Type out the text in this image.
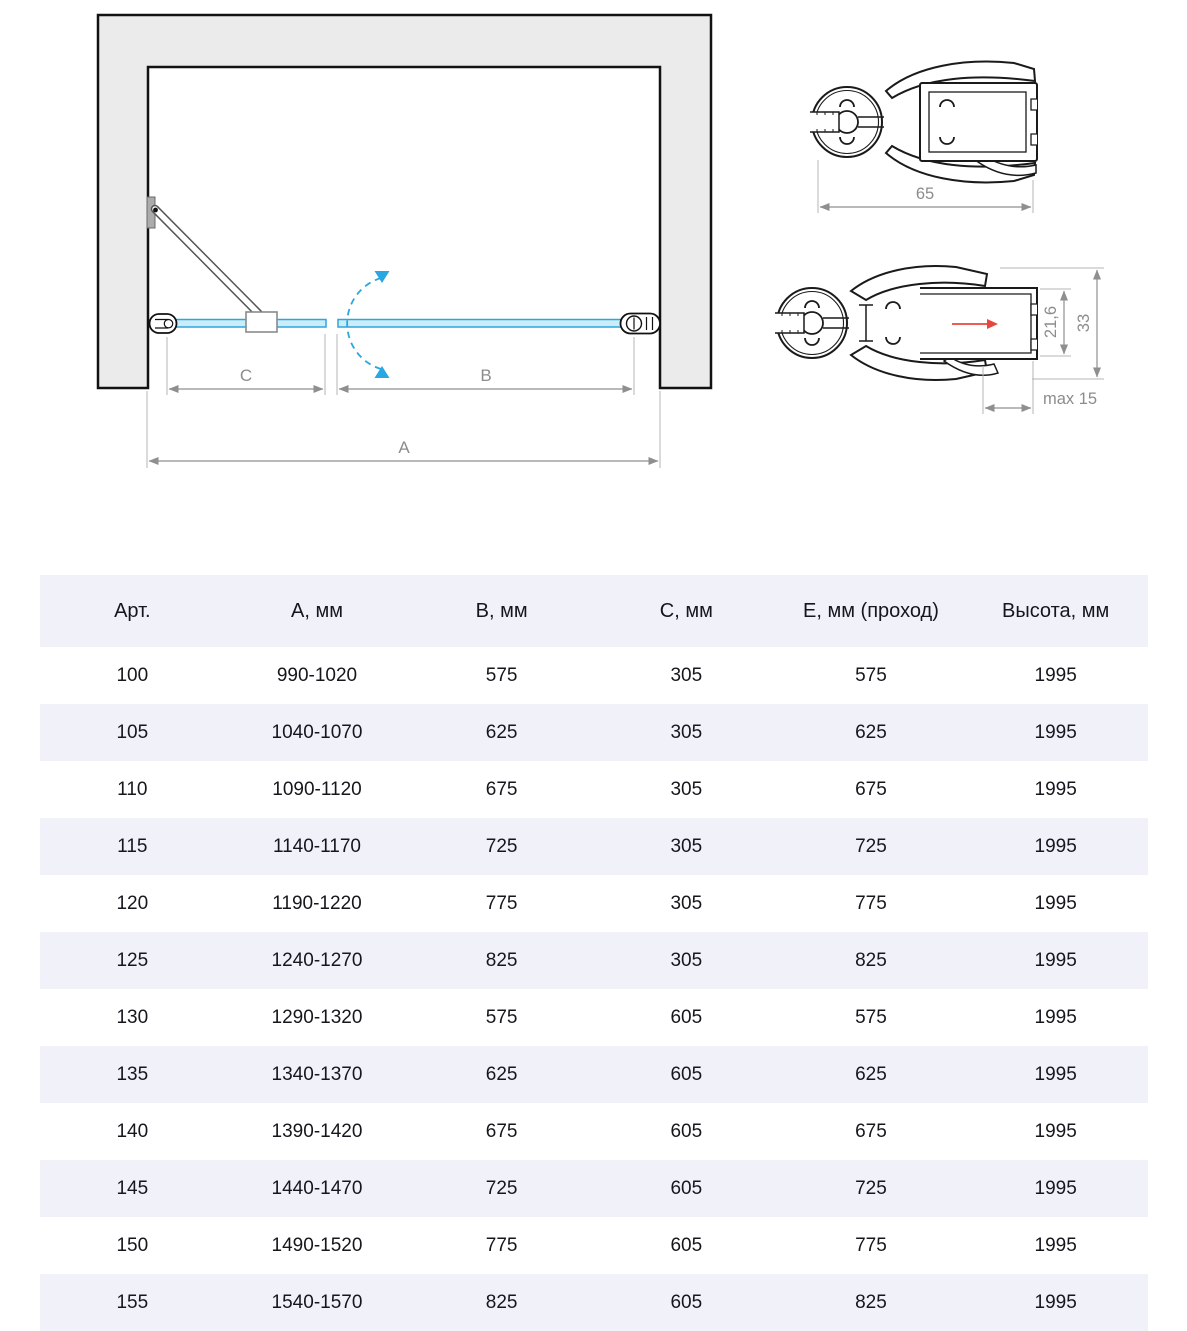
C	B
A
65
21,6 33
max 15
Арт.	А, мм	В, мм	С, мм	Е, мм (проход)	Высота, мм
100	990-1020	575	305	575	1995
105	1040-1070	625	305	625	1995
110	1090-1120	675	305	675	1995
115	1140-1170	725	305	725	1995
120	1190-1220	775	305	775	1995
125	1240-1270	825	305	825	1995
130	1290-1320	575	605	575	1995
135	1340-1370	625	605	625	1995
140	1390-1420	675	605	675	1995
145	1440-1470	725	605	725	1995
150	1490-1520	775	605	775	1995
155	1540-1570	825	605	825	1995
